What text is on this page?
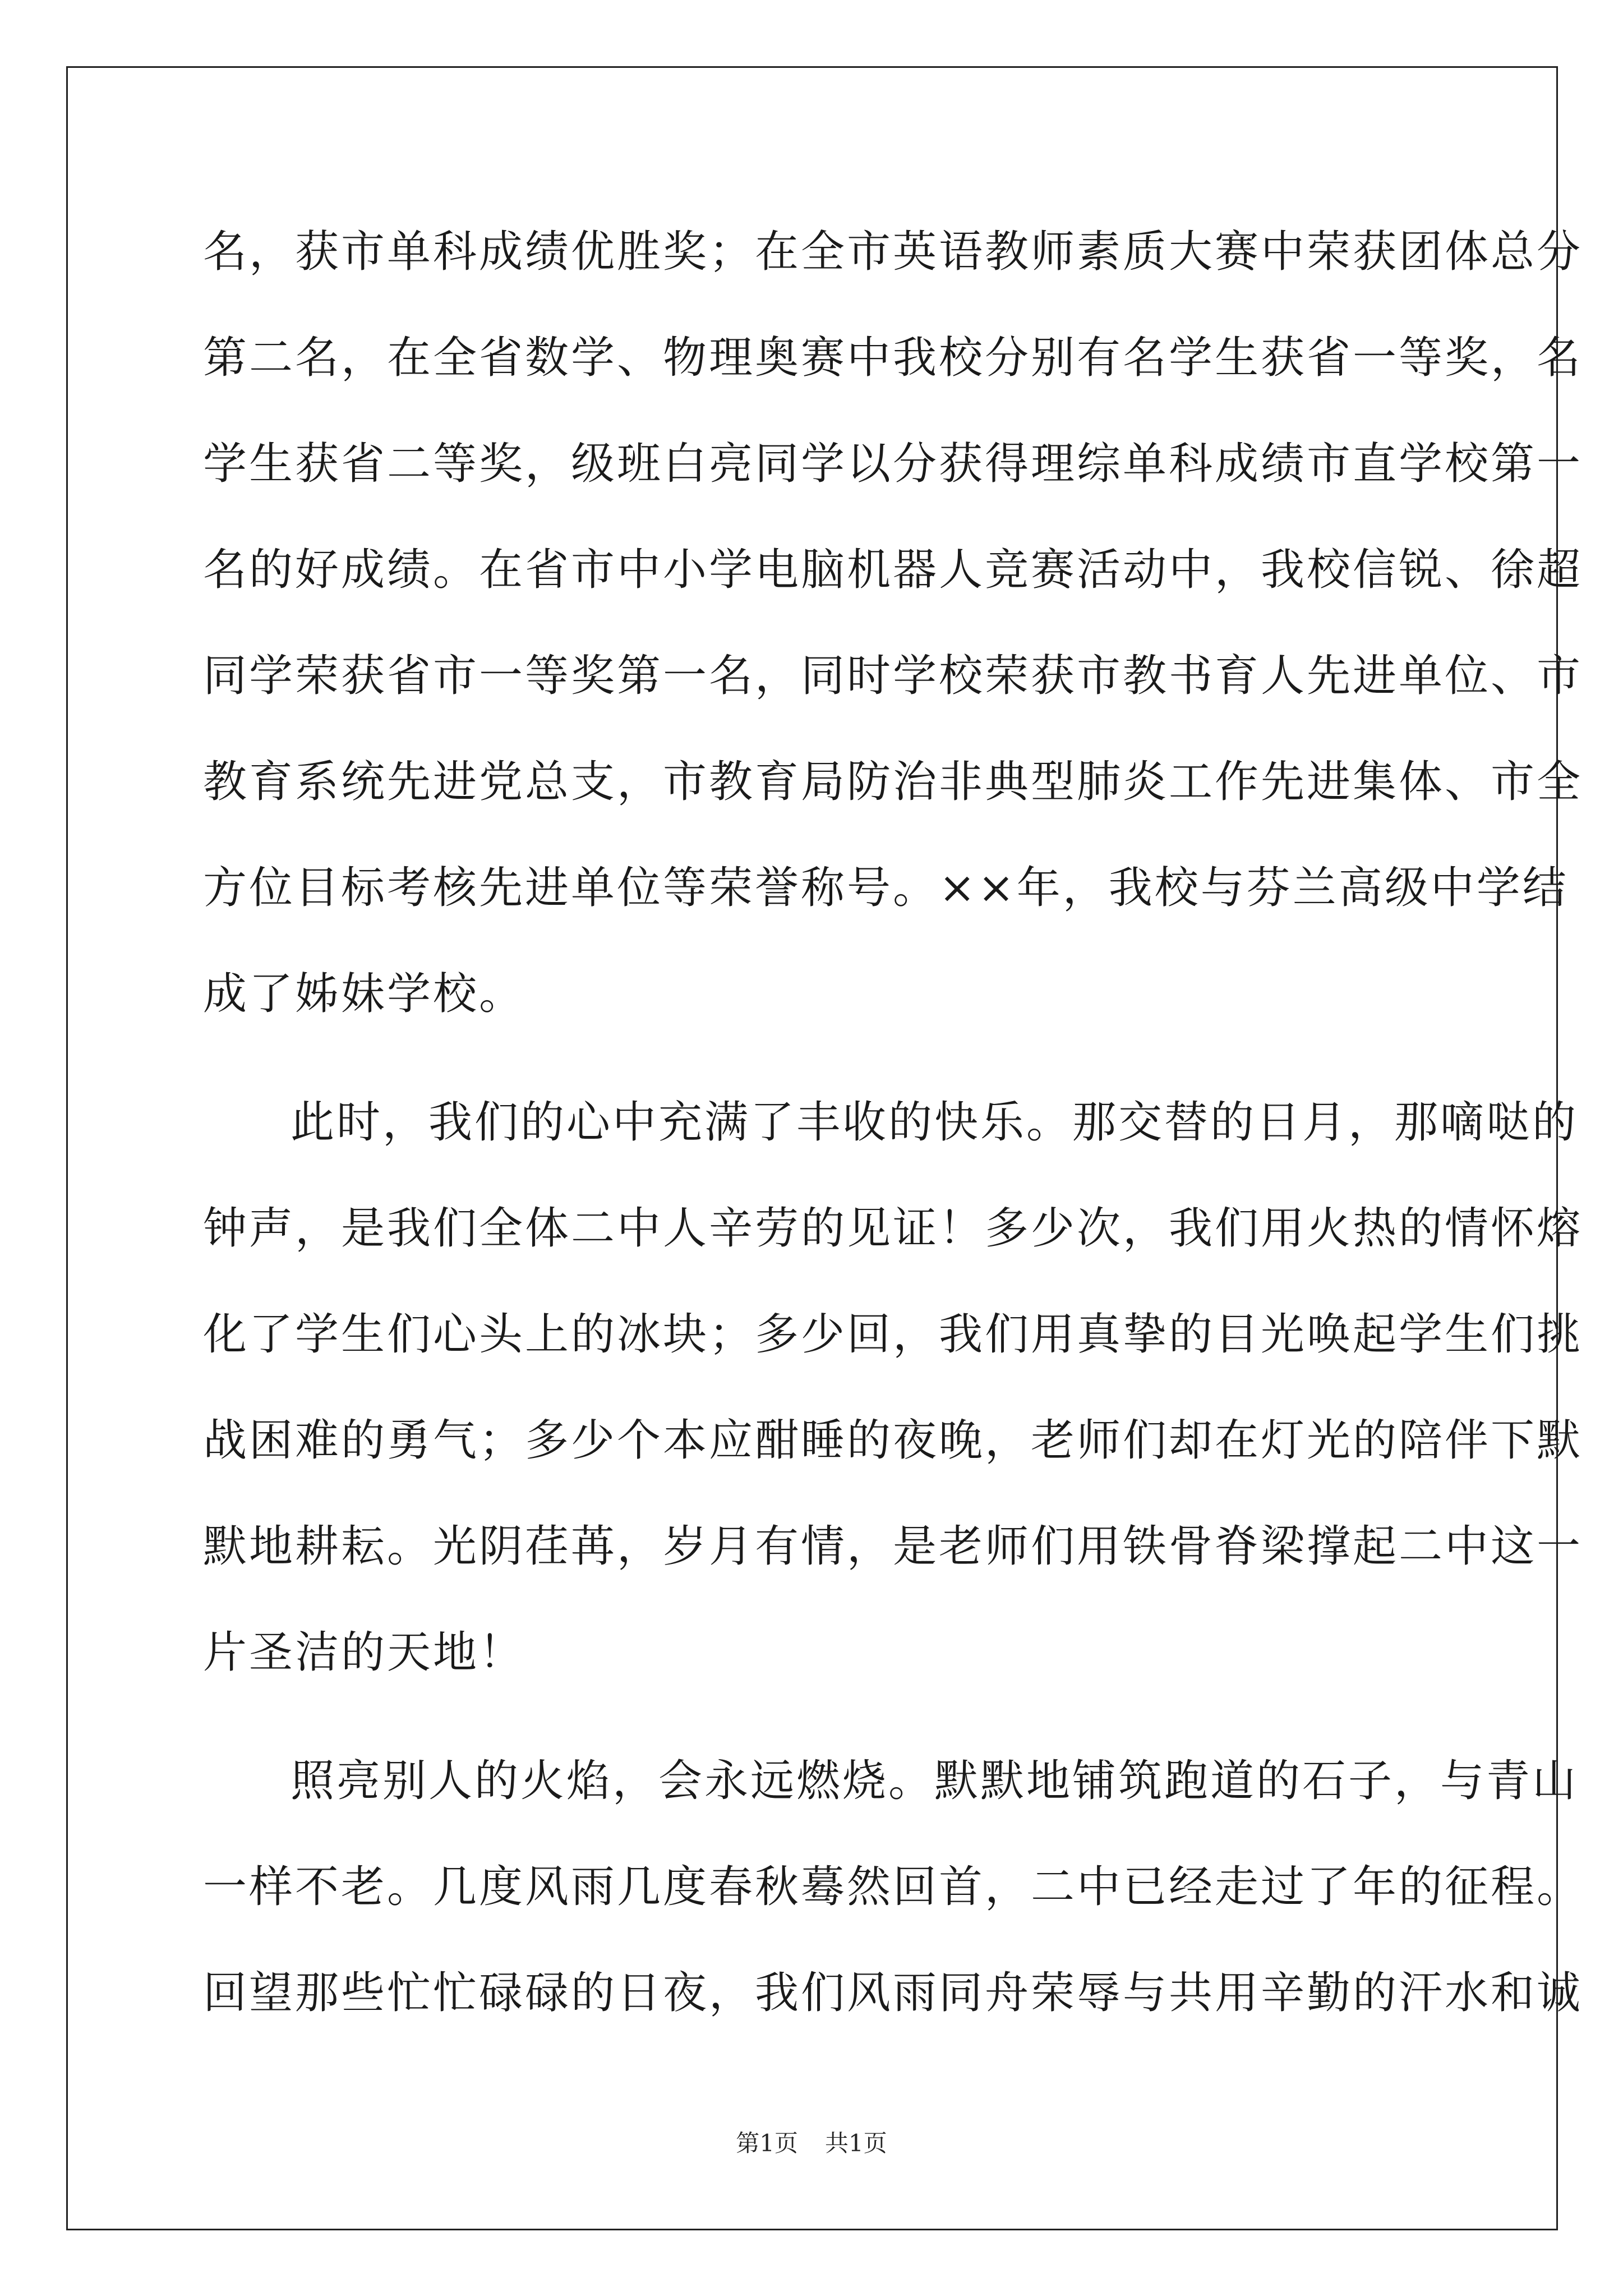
名，获市单科成绩优胜奖；在全市英语教师素质大赛中荣获团体总分
第二名，在全省数学、物理奥赛中我校分别有名学生获省一等奖，名
学生获省二等奖，级班白亮同学以分获得理综单科成绩市直学校第一
名的好成绩。在省市中小学电脑机器人竞赛活动中，我校信锐、徐超
同学荣获省市一等奖第一名，同时学校荣获市教书育人先进单位、市
教育系统先进党总支，市教育局防治非典型肺炎工作先进集体、市全
方位目标考核先进单位等荣誉称号。××年，我校与芬兰高级中学结
成了姊妹学校。
此时，我们的心中充满了丰收的快乐。那交替的日月，那嘀哒的
钟声，是我们全体二中人辛劳的见证！多少次，我们用火热的情怀熔
化了学生们心头上的冰块；多少回，我们用真挚的目光唤起学生们挑
战困难的勇气；多少个本应酣睡的夜晚，老师们却在灯光的陪伴下默
默地耕耘。光阴荏苒，岁月有情，是老师们用铁骨脊梁撑起二中这一
片圣洁的天地！
照亮别人的火焰，会永远燃烧。默默地铺筑跑道的石子，与青山
一样不老。几度风雨几度春秋蓦然回首，二中已经走过了年的征程。
回望那些忙忙碌碌的日夜，我们风雨同舟荣辱与共用辛勤的汗水和诚
第1页 共1页
